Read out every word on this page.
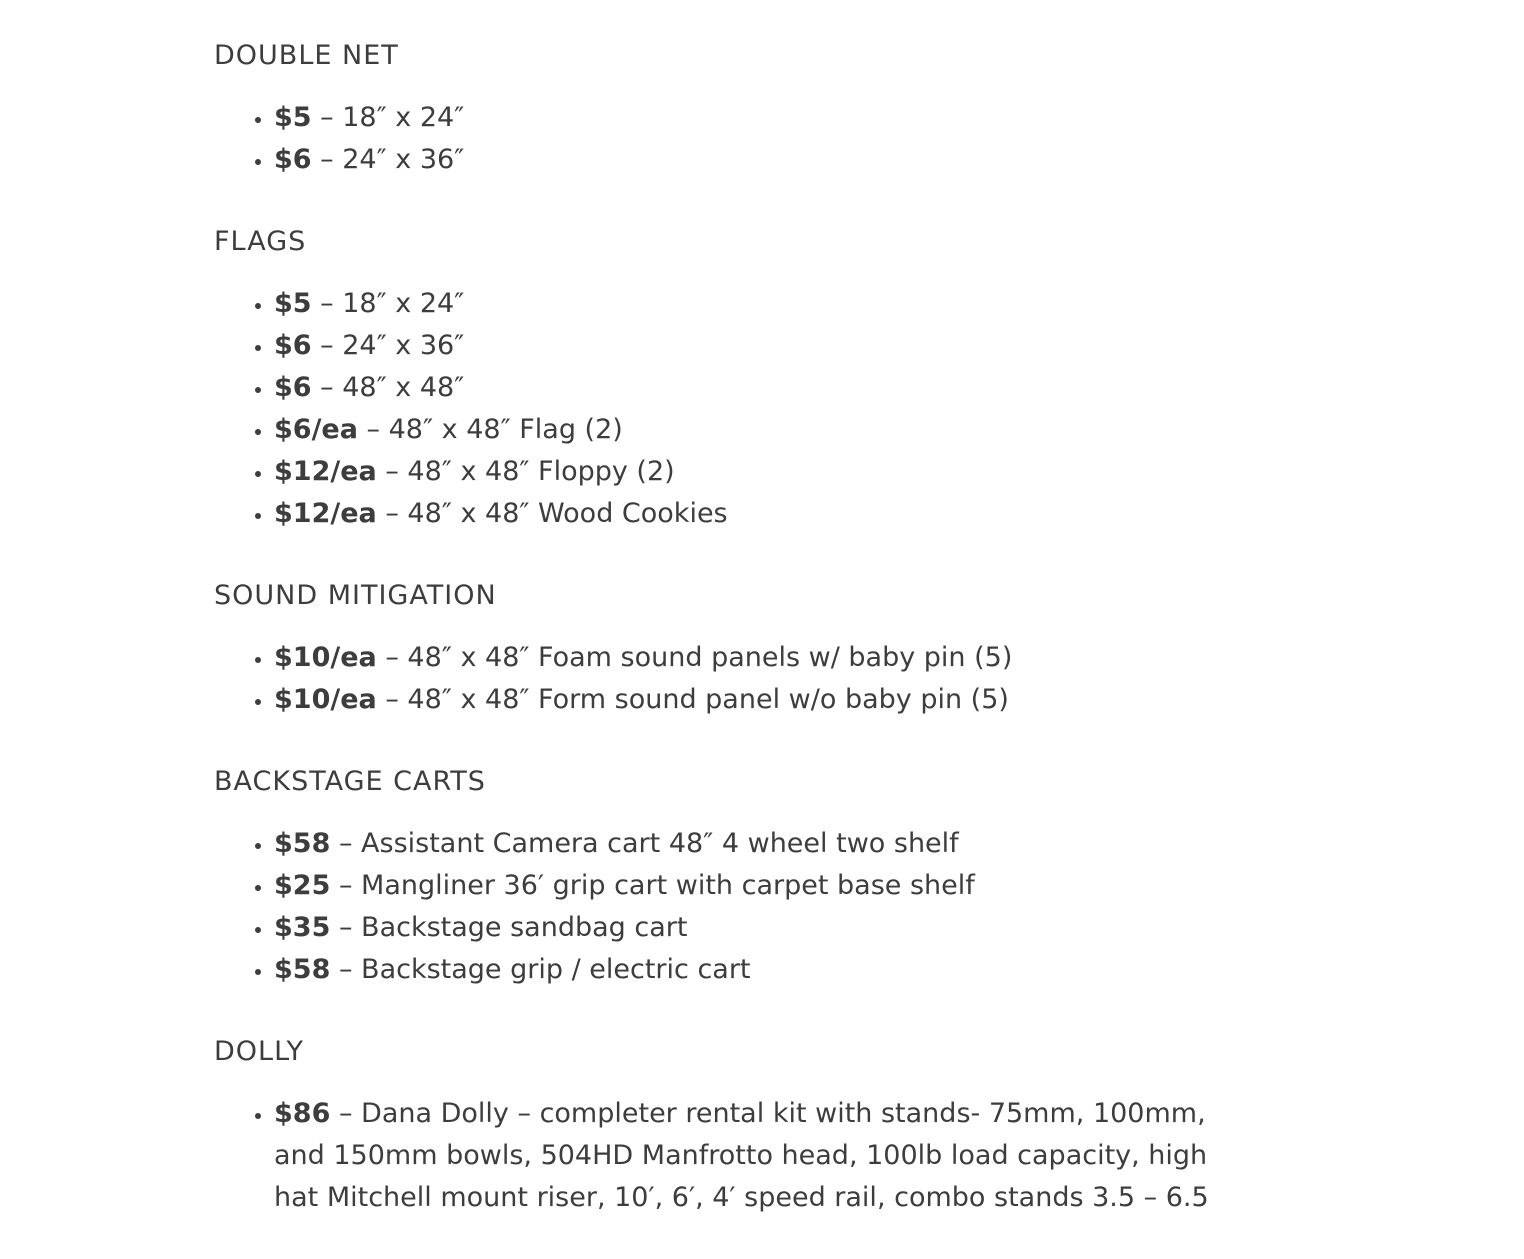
DOUBLE NET
• $5 – 18″ x 24″
• $6 – 24″ x 36″
FLAGS
• $5 – 18″ x 24″
• $6 – 24″ x 36″
• $6 – 48″ x 48″
• $6/ea – 48″ x 48″ Flag (2)
• $12/ea – 48″ x 48″ Floppy (2)
• $12/ea – 48″ x 48″ Wood Cookies
SOUND MITIGATION
• $10/ea – 48″ x 48″ Foam sound panels w/ baby pin (5)
• $10/ea – 48″ x 48″ Form sound panel w/o baby pin (5)
BACKSTAGE CARTS
• $58 – Assistant Camera cart 48″ 4 wheel two shelf
• $25 – Mangliner 36′ grip cart with carpet base shelf
• $35 – Backstage sandbag cart
• $58 – Backstage grip / electric cart
DOLLY
• $86 – Dana Dolly – completer rental kit with stands- 75mm, 100mm, and 150mm bowls, 504HD Manfrotto head, 100lb load capacity, high hat Mitchell mount riser, 10′, 6′, 4′ speed rail, combo stands 3.5 – 6.5
